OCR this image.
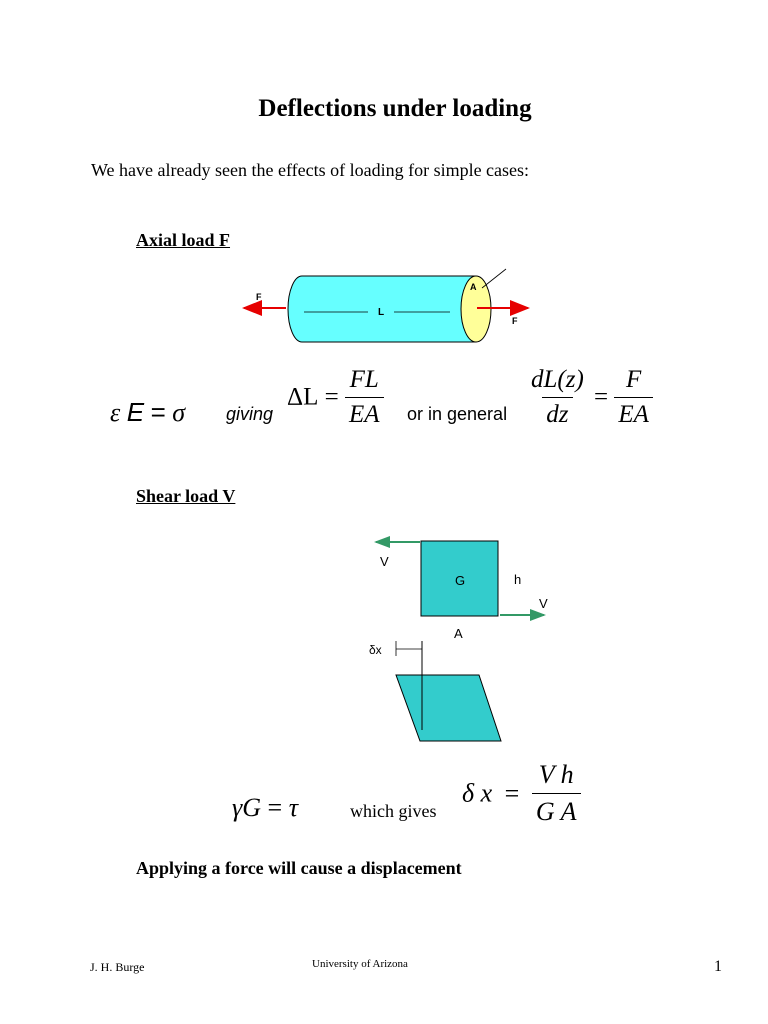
Deflections under loading
We have already seen the effects of loading for simple cases:
Axial load F
L
F
F
A
ε E = σ giving
$\Delta L = \frac{FL}{EA}$ or in general $\frac{dL(z)}{dz} = \frac{F}{EA}$
Shear load V
G
V
h
V
A
δx
γG = τ	which gives
δ $x = \frac{\text{V h}}{\text{G A}}$
Applying a force will cause a displacement
J. H. Burge	University of Arizona	1
